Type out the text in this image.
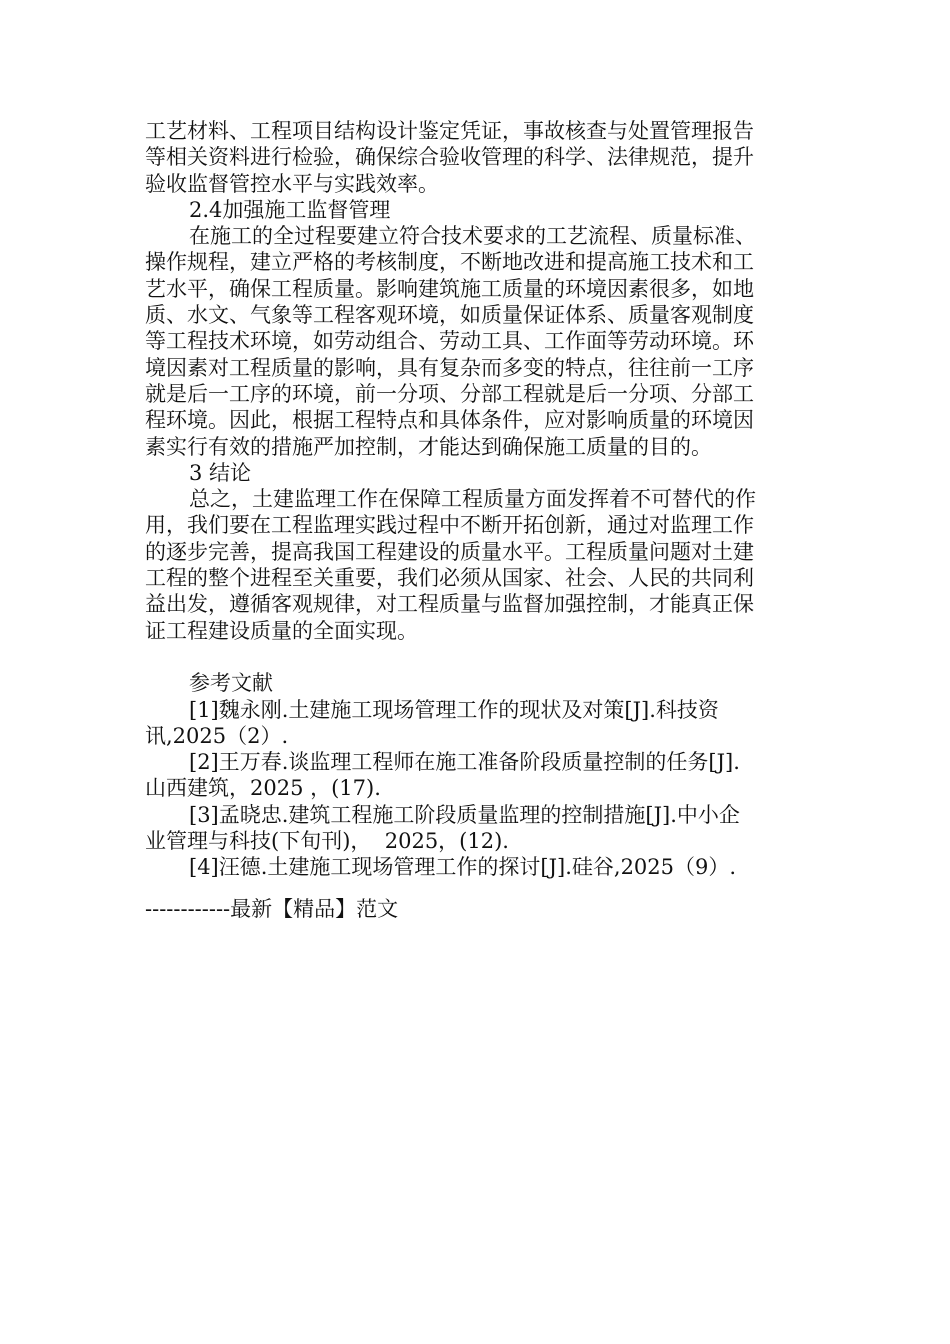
工艺材料、工程项目结构设计鉴定凭证，事故核查与处置管理报告
等相关资料进行检验，确保综合验收管理的科学、法律规范，提升
验收监督管控水平与实践效率。
2.4加强施工监督管理
在施工的全过程要建立符合技术要求的工艺流程、质量标准、
操作规程，建立严格的考核制度，不断地改进和提高施工技术和工
艺水平，确保工程质量。影响建筑施工质量的环境因素很多，如地
质、水文、气象等工程客观环境，如质量保证体系、质量客观制度
等工程技术环境，如劳动组合、劳动工具、工作面等劳动环境。环
境因素对工程质量的影响，具有复杂而多变的特点，往往前一工序
就是后一工序的环境，前一分项、分部工程就是后一分项、分部工
程环境。因此，根据工程特点和具体条件，应对影响质量的环境因
素实行有效的措施严加控制，才能达到确保施工质量的目的。
3 结论
总之，土建监理工作在保障工程质量方面发挥着不可替代的作
用，我们要在工程监理实践过程中不断开拓创新，通过对监理工作
的逐步完善，提高我国工程建设的质量水平。工程质量问题对土建
工程的整个进程至关重要，我们必须从国家、社会、人民的共同利
益出发，遵循客观规律，对工程质量与监督加强控制，才能真正保
证工程建设质量的全面实现。
参考文献
[1]魏永刚.土建施工现场管理工作的现状及对策[J].科技资
讯,2025（2）.
[2]王万春.谈监理工程师在施工准备阶段质量控制的任务[J].
山西建筑，2025 ，(17).
[3]孟晓忠.建筑工程施工阶段质量监理的控制措施[J].中小企
业管理与科技(下旬刊)，  2025，(12).
[4]汪德.土建施工现场管理工作的探讨[J].硅谷,2025（9）.
------------最新【精品】范文
